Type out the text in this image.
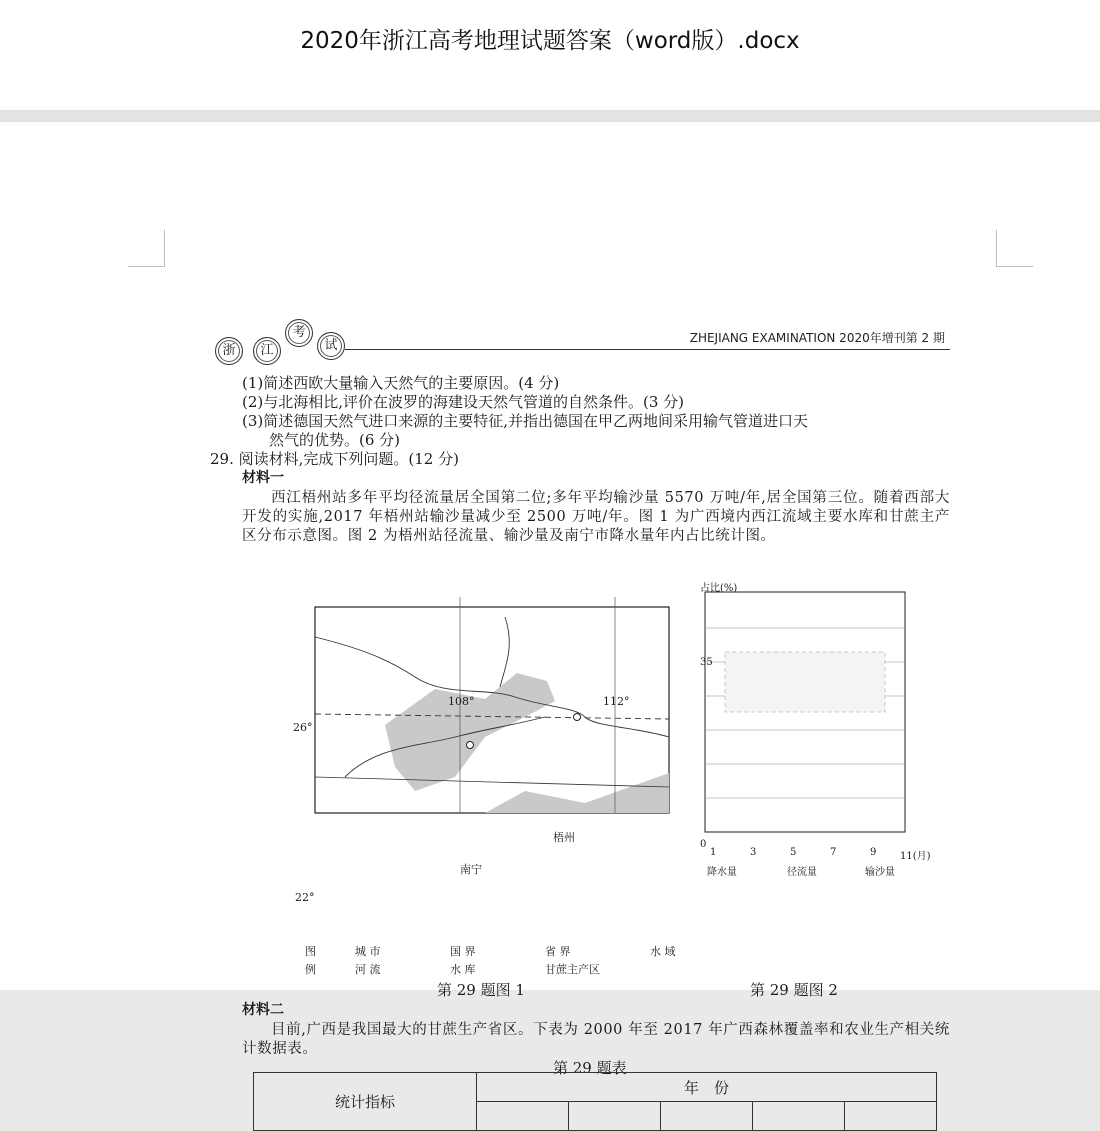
2020年浙江高考地理试题答案（word版）.docx
浙	江
考
试	ZHEJIANG EXAMINATION 2020年增刊第 2 期
(1)简述西欧大量输入天然气的主要原因。(4 分)
(2)与北海相比,评价在波罗的海建设天然气管道的自然条件。(3 分)
(3)简述德国天然气进口来源的主要特征,并指出德国在甲乙两地间采用输气管道进口天
然气的优势。(6 分)
29. 阅读材料,完成下列问题。(12 分)
材料一
西江梧州站多年平均径流量居全国第二位;多年平均输沙量 5570 万吨/年,居全国第三位。随着西部大开发的实施,2017 年梧州站输沙量减少至 2500 万吨/年。图 1 为广西境内西江流域主要水库和甘蔗主产区分布示意图。图 2 为梧州站径流量、输沙量及南宁市降水量年内占比统计图。
108°	112°
26°
22°
梧州
南宁
图
例
城 市	国 界	省 界	水 域
河 流	水 库	甘蔗主产区
第 29 题图 1
占比(%)
35
0
1	3	5	7	9 11(月)
降水量	径流量	输沙量
第 29 题图 2
材料二
目前,广西是我国最大的甘蔗生产省区。下表为 2000 年至 2017 年广西森林覆盖率和农业生产相关统计数据表。
第 29 题表
统计指标	年　份				
